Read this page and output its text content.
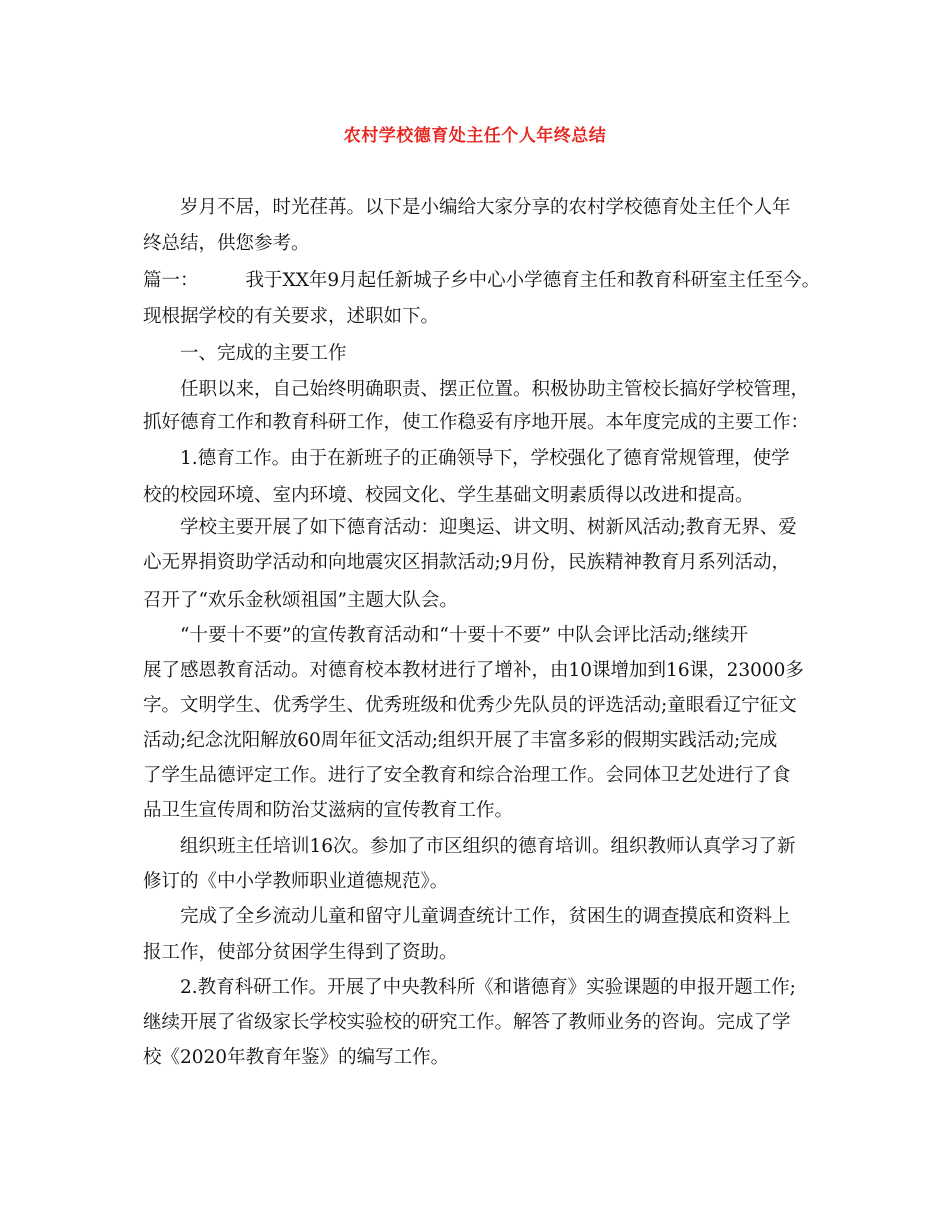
农村学校德育处主任个人年终总结
岁月不居，时光荏苒。以下是小编给大家分享的农村学校德育处主任个人年
终总结，供您参考。
篇一：        我于XX年9月起任新城子乡中心小学德育主任和教育科研室主任至今。
现根据学校的有关要求，述职如下。
一、完成的主要工作
任职以来，自己始终明确职责、摆正位置。积极协助主管校长搞好学校管理，
抓好德育工作和教育科研工作，使工作稳妥有序地开展。本年度完成的主要工作：
1.德育工作。由于在新班子的正确领导下，学校强化了德育常规管理，使学
校的校园环境、室内环境、校园文化、学生基础文明素质得以改进和提高。
学校主要开展了如下德育活动：迎奥运、讲文明、树新风活动;教育无界、爱
心无界捐资助学活动和向地震灾区捐款活动;9月份，民族精神教育月系列活动，
召开了“欢乐金秋颂祖国”主题大队会。
“十要十不要”的宣传教育活动和“十要十不要” 中队会评比活动;继续开
展了感恩教育活动。对德育校本教材进行了增补，由10课增加到16课，23000多
字。文明学生、优秀学生、优秀班级和优秀少先队员的评选活动;童眼看辽宁征文
活动;纪念沈阳解放60周年征文活动;组织开展了丰富多彩的假期实践活动;完成
了学生品德评定工作。进行了安全教育和综合治理工作。会同体卫艺处进行了食
品卫生宣传周和防治艾滋病的宣传教育工作。
组织班主任培训16次。参加了市区组织的德育培训。组织教师认真学习了新
修订的《中小学教师职业道德规范》。
完成了全乡流动儿童和留守儿童调查统计工作，贫困生的调查摸底和资料上
报工作，使部分贫困学生得到了资助。
2.教育科研工作。开展了中央教科所《和谐德育》实验课题的申报开题工作;
继续开展了省级家长学校实验校的研究工作。解答了教师业务的咨询。完成了学
校《2020年教育年鉴》的编写工作。
